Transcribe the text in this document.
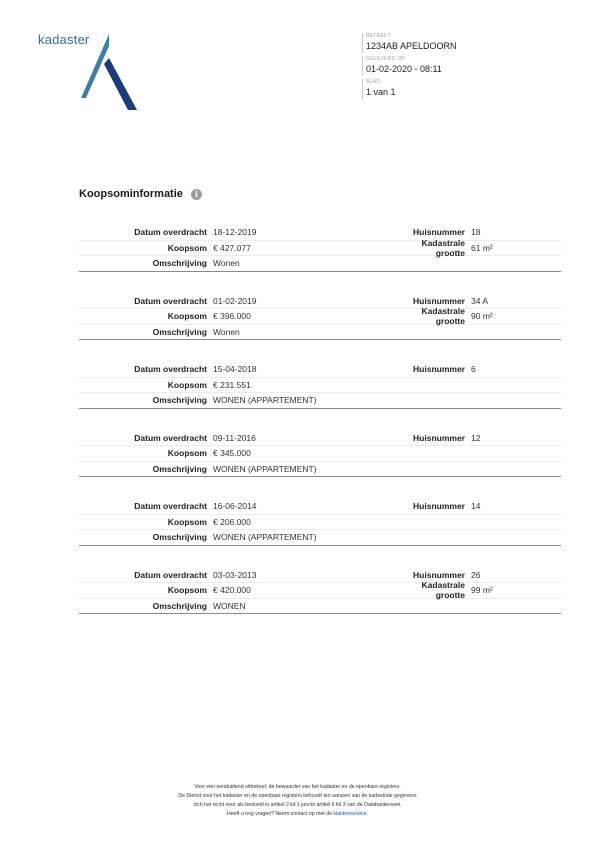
kadaster	BETREFT
1234AB APELDOORN
GELEVERD OP
01-02-2020 - 08:11
BLAD
1 van 1
Koopsominformatie	i
Datum overdracht 18-12-2019	Huisnummer 18
Koopsom € 427.077	Kadastrale grootte 61 m²
Omschrijving Wonen
Datum overdracht 01-02-2019	Huisnummer 34 A
Koopsom € 396.000	Kadastrale grootte 90 m²
Omschrijving Wonen
Datum overdracht 15-04-2018	Huisnummer 6
Koopsom € 231.551
Omschrijving WONEN (APPARTEMENT)
Datum overdracht 09-11-2016	Huisnummer 12
Koopsom € 345.000
Omschrijving WONEN (APPARTEMENT)
Datum overdracht 16-06-2014	Huisnummer 14
Koopsom € 206.000
Omschrijving WONEN (APPARTEMENT)
Datum overdracht 03-03-2013	Huisnummer 26
Koopsom € 420.000	Kadastrale grootte 99 m²
Omschrijving WONEN
Voor een eenduidend uittreksel, de bewaarder van het kadaster en de openbare registers.
De Dienst voor het kadaster en de openbare registers behoudt ten aanzien van de kadastrale gegevens
zich het recht voor als bedoeld in artikel 2 lid 1 juncto artikel 6 lid 3 van de Databankenwet.
Heeft u nog vragen? Neem contact op met de klantenservice.
